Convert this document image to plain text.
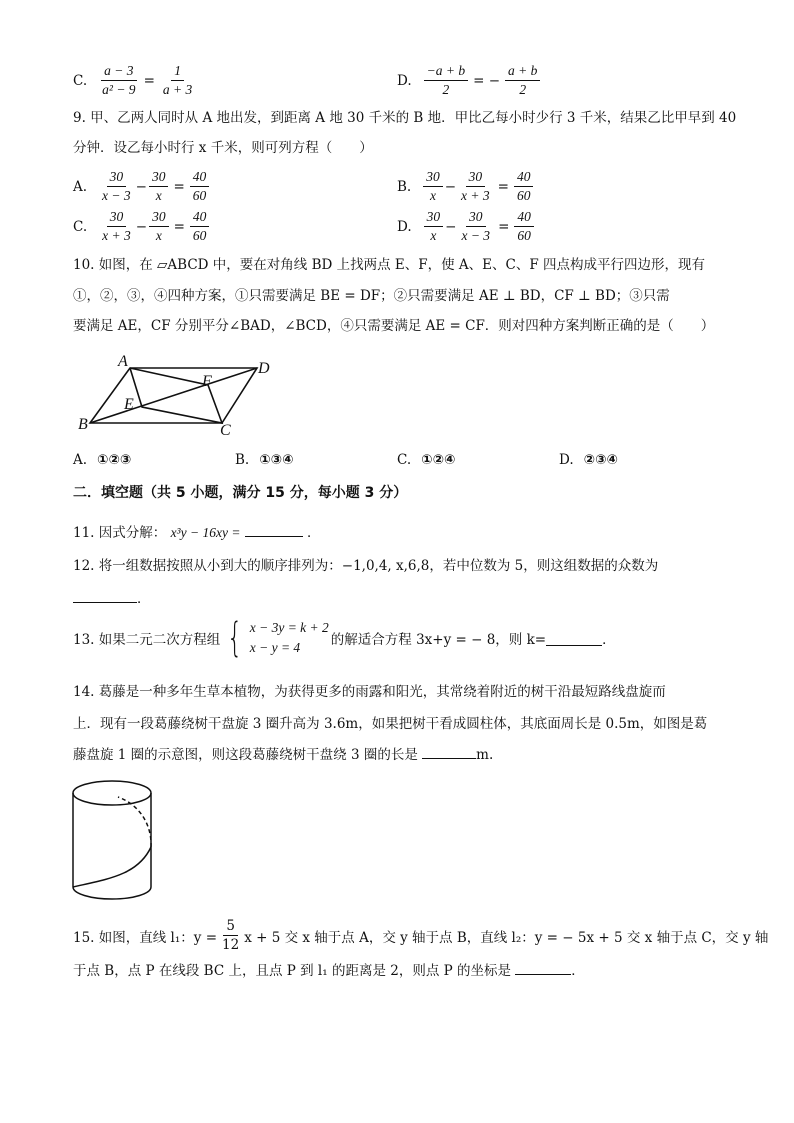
C. $\frac{a - 3}{\text{a² − 9}} = \frac{1}{a + 3}$	D. $\frac{-a + b}{2}$ = − $\frac{a + b}{2}$
9. 甲、乙两人同时从 A 地出发，到距离 A 地 30 千米的 B 地．甲比乙每小时少行 3 千米，结果乙比甲早到 40
分钟．设乙每小时行 x 千米，则可列方程（　　）
A. $\frac{30}{x - 3} - \frac{30}{x} = \frac{40}{60}$	B. $\frac{30}{x} - \frac{30}{x + 3} = \frac{40}{60}$
C. $\frac{30}{x + 3} - \frac{30}{x} = \frac{40}{60}$	D. $\frac{30}{x} - \frac{30}{x - 3} = \frac{40}{60}$
10. 如图，在 ▱ABCD 中，要在对角线 BD 上找两点 E、F，使 A、E、C、F 四点构成平行四边形，现有
①，②，③，④四种方案，①只需要满足 BE = DF；②只需要满足 AE ⊥ BD，CF ⊥ BD；③只需
要满足 AE，CF 分别平分∠BAD，∠BCD，④只需要满足 AE = CF．则对四种方案判断正确的是（　　）
A
B	C
D
E
F
A. ①②③	B. ①③④	C. ①②④	D. ②③④
二．填空题（共 5 小题，满分 15 分，每小题 3 分）
11. 因式分解： x³y − 16xy =	．
12. 将一组数据按照从小到大的顺序排列为：−1,0,4, x,6,8，若中位数为 5，则这组数据的众数为
．
13. 如果二元二次方程组 { x − 3y = k + 2
x − y = 4	的解适合方程 3x+y = − 8，则 k=	．
14. 葛藤是一种多年生草本植物，为获得更多的雨露和阳光，其常绕着附近的树干沿最短路线盘旋而
上．现有一段葛藤绕树干盘旋 3 圈升高为 3.6m，如果把树干看成圆柱体，其底面周长是 0.5m，如图是葛
藤盘旋 1 圈的示意图，则这段葛藤绕树干盘绕 3 圈的长是	m.
15. 如图，直线 l₁：$y = \frac{5}{12}$ x + 5 交 x 轴于点 A，交 y 轴于点 B，直线 l₂：y = − 5x + 5 交 x 轴于点 C，交 y 轴
于点 B，点 P 在线段 BC 上，且点 P 到 l₁ 的距离是 2，则点 P 的坐标是	．
